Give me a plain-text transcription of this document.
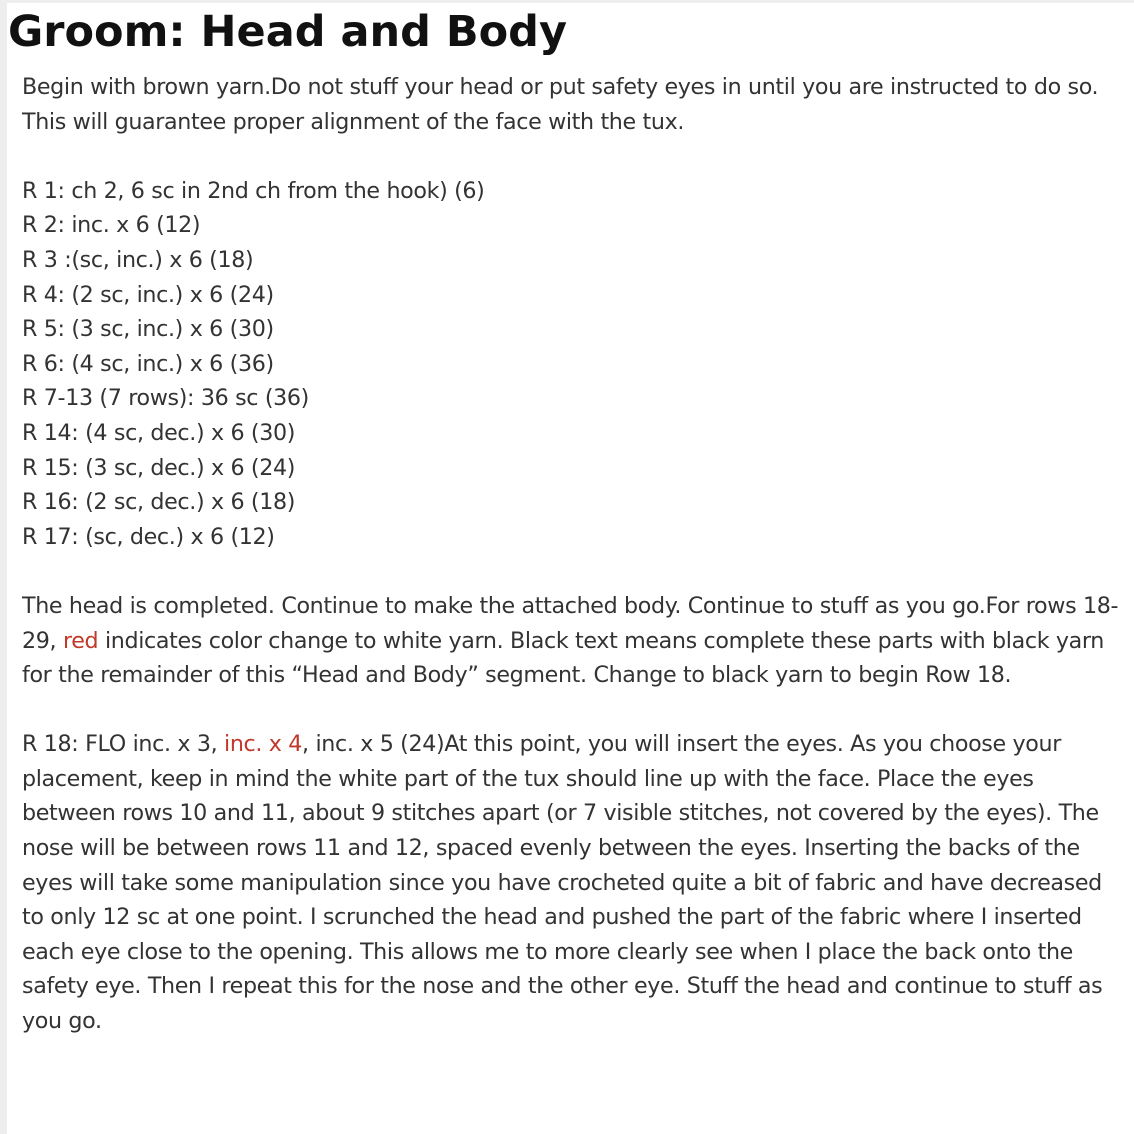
Groom: Head and Body

Begin with brown yarn.Do not stuff your head or put safety eyes in until you are instructed to do so. This will guarantee proper alignment of the face with the tux.

R 1: ch 2, 6 sc in 2nd ch from the hook) (6)
R 2: inc. x 6 (12)
R 3 :(sc, inc.) x 6 (18)
R 4: (2 sc, inc.) x 6 (24)
R 5: (3 sc, inc.) x 6 (30)
R 6: (4 sc, inc.) x 6 (36)
R 7-13 (7 rows): 36 sc (36)
R 14: (4 sc, dec.) x 6 (30)
R 15: (3 sc, dec.) x 6 (24)
R 16: (2 sc, dec.) x 6 (18)
R 17: (sc, dec.) x 6 (12)

The head is completed. Continue to make the attached body. Continue to stuff as you go.For rows 18-29, red indicates color change to white yarn. Black text means complete these parts with black yarn for the remainder of this “Head and Body” segment. Change to black yarn to begin Row 18.

R 18: FLO inc. x 3, inc. x 4, inc. x 5 (24)At this point, you will insert the eyes. As you choose your placement, keep in mind the white part of the tux should line up with the face. Place the eyes between rows 10 and 11, about 9 stitches apart (or 7 visible stitches, not covered by the eyes). The nose will be between rows 11 and 12, spaced evenly between the eyes. Inserting the backs of the eyes will take some manipulation since you have crocheted quite a bit of fabric and have decreased to only 12 sc at one point. I scrunched the head and pushed the part of the fabric where I inserted each eye close to the opening. This allows me to more clearly see when I place the back onto the safety eye. Then I repeat this for the nose and the other eye. Stuff the head and continue to stuff as you go.
